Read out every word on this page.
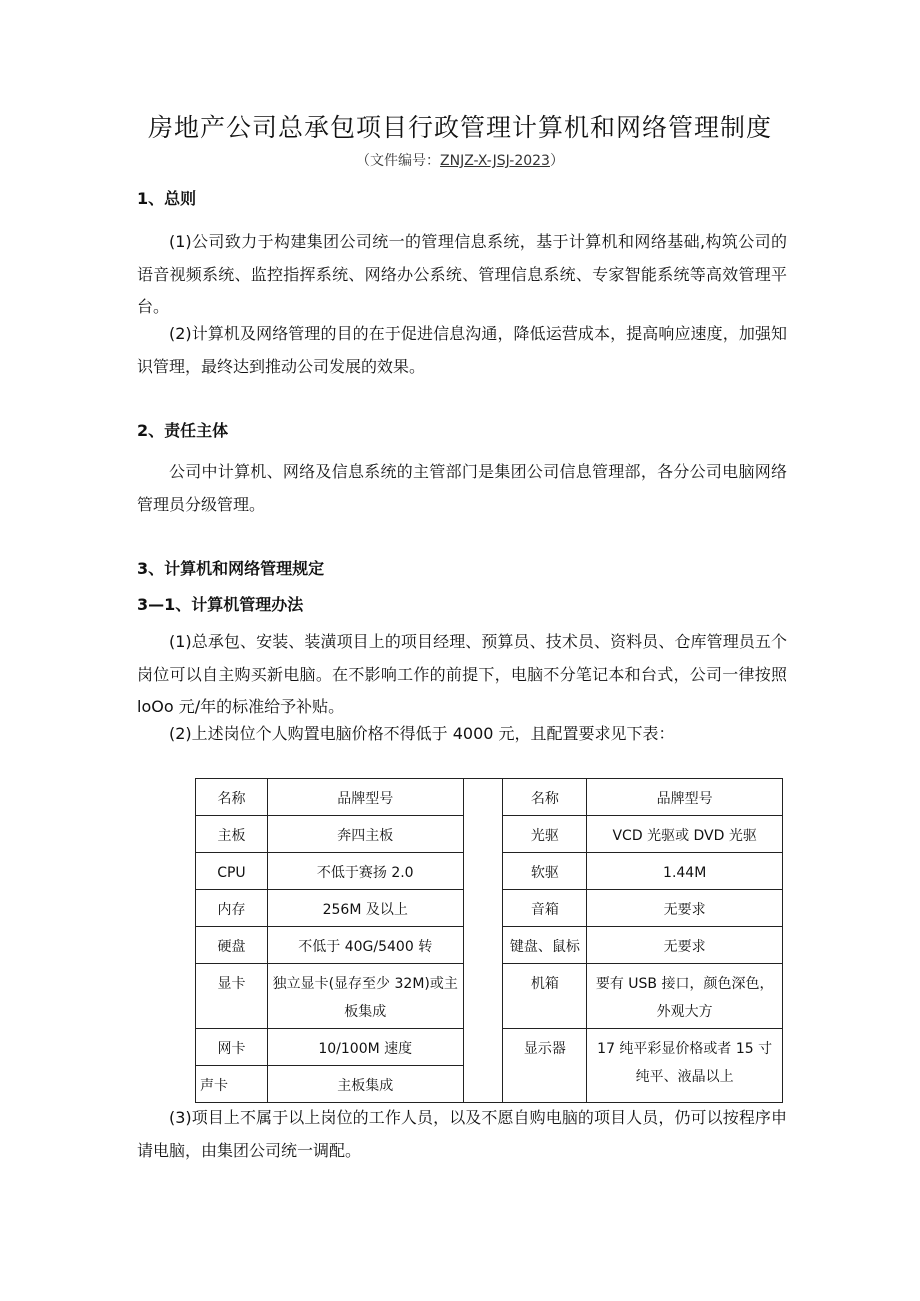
房地产公司总承包项目行政管理计算机和网络管理制度
（文件编号：ZNJZ-X-JSJ-2023）
1、总则
(1)公司致力于构建集团公司统一的管理信息系统，基于计算机和网络基础,构筑公司的语音视频系统、监控指挥系统、网络办公系统、管理信息系统、专家智能系统等高效管理平台。
(2)计算机及网络管理的目的在于促进信息沟通，降低运营成本，提高响应速度，加强知识管理，最终达到推动公司发展的效果。
2、责任主体
公司中计算机、网络及信息系统的主管部门是集团公司信息管理部，各分公司电脑网络管理员分级管理。
3、计算机和网络管理规定
3—1、计算机管理办法
(1)总承包、安装、装潢项目上的项目经理、预算员、技术员、资料员、仓库管理员五个岗位可以自主购买新电脑。在不影响工作的前提下，电脑不分笔记本和台式，公司一律按照 loOo 元/年的标准给予补贴。
(2)上述岗位个人购置电脑价格不得低于 4000 元，且配置要求见下表：
名称	品牌型号		名称	品牌型号
主板	奔四主板		光驱	VCD 光驱或 DVD 光驱
CPU	不低于赛扬 2.0		软驱	1.44M
内存	256M 及以上		音箱	无要求
硬盘	不低于 40G/5400 转		键盘、鼠标	无要求
显卡	独立显卡(显存至少 32M)或主板集成		机箱	要有 USB 接口，颜色深色，外观大方
网卡	10/100M 速度		显示器	17 纯平彩显价格或者 15 寸纯平、液晶以上
声卡	主板集成			
(3)项目上不属于以上岗位的工作人员，以及不愿自购电脑的项目人员，仍可以按程序申请电脑，由集团公司统一调配。
